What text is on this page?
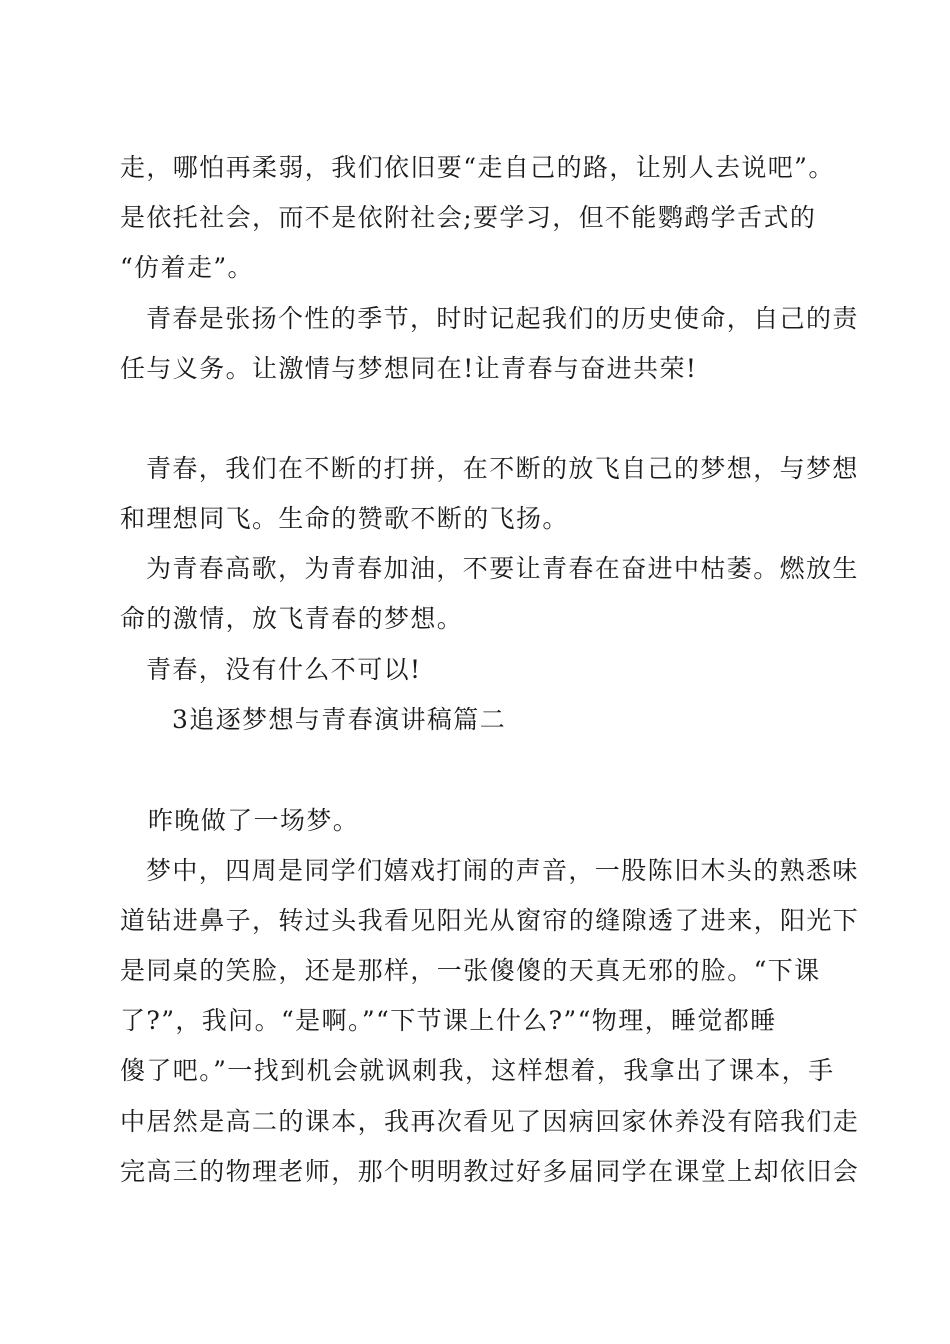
走，哪怕再柔弱，我们依旧要“走自己的路，让别人去说吧”。
是依托社会，而不是依附社会;要学习，但不能鹦鹉学舌式的
“仿着走”。
青春是张扬个性的季节，时时记起我们的历史使命，自己的责
任与义务。让激情与梦想同在!让青春与奋进共荣!
青春，我们在不断的打拼，在不断的放飞自己的梦想，与梦想
和理想同飞。生命的赞歌不断的飞扬。
为青春高歌，为青春加油，不要让青春在奋进中枯萎。燃放生
命的激情，放飞青春的梦想。
青春，没有什么不可以!
3追逐梦想与青春演讲稿篇二
昨晚做了一场梦。
梦中，四周是同学们嬉戏打闹的声音，一股陈旧木头的熟悉味
道钻进鼻子，转过头我看见阳光从窗帘的缝隙透了进来，阳光下
是同桌的笑脸，还是那样，一张傻傻的天真无邪的脸。“下课
了?”，我问。“是啊。”“下节课上什么?”“物理，睡觉都睡
傻了吧。”一找到机会就讽刺我，这样想着，我拿出了课本，手
中居然是高二的课本，我再次看见了因病回家休养没有陪我们走
完高三的物理老师，那个明明教过好多届同学在课堂上却依旧会
